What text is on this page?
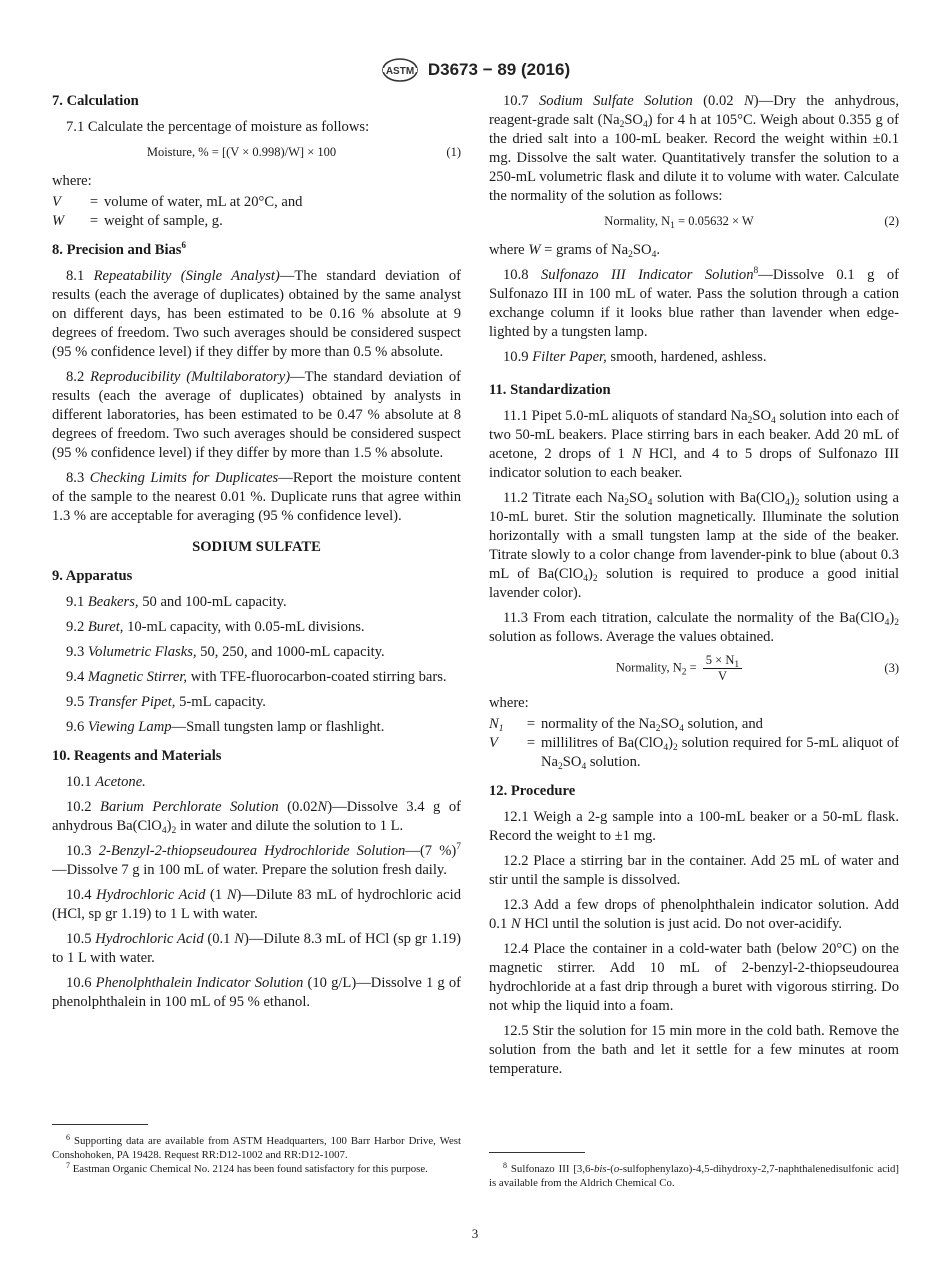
ASTM D3673 − 89 (2016)
7. Calculation

7.1 Calculate the percentage of moisture as follows:

Moisture, % = [(V × 0.998)/W] × 100	(1)

where:

V	= volume of water, mL at 20°C, and
W	= weight of sample, g.
8. Precision and Bias$^6$

8.1 Repeatability (Single Analyst)—The standard deviation of results (each the average of duplicates) obtained by the same analyst on different days, has been estimated to be 0.16 % absolute at 9 degrees of freedom. Two such averages should be considered suspect (95 % confidence level) if they differ by more than 0.5 % absolute.

8.2 Reproducibility (Multilaboratory)—The standard deviation of results (each the average of duplicates) obtained by analysts in different laboratories, has been estimated to be 0.47 % absolute at 8 degrees of freedom. Two such averages should be considered suspect (95 % confidence level) if they differ by more than 1.5 % absolute.

8.3 Checking Limits for Duplicates—Report the moisture content of the sample to the nearest 0.01 %. Duplicate runs that agree within 1.3 % are acceptable for averaging (95 % confidence level).

SODIUM SULFATE

9. Apparatus

9.1 Beakers, 50 and 100-mL capacity.

9.2 Buret, 10-mL capacity, with 0.05-mL divisions.

9.3 Volumetric Flasks, 50, 250, and 1000-mL capacity.

9.4 Magnetic Stirrer, with TFE-fluorocarbon-coated stirring bars.

9.5 Transfer Pipet, 5-mL capacity.

9.6 Viewing Lamp—Small tungsten lamp or flashlight.

10. Reagents and Materials

10.1 Acetone.

10.2 Barium Perchlorate Solution (0.02N)—Dissolve 3.4 g of anhydrous $Ba(ClO_4)_2$ in water and dilute the solution to 1 L.

10.3 2-Benzyl-2-thiopseudourea Hydrochloride Solution—(7 %)$^7$—Dissolve 7 g in 100 mL of water. Prepare the solution fresh daily.

10.4 Hydrochloric Acid (1 N)—Dilute 83 mL of hydrochloric acid (HCl, sp gr 1.19) to 1 L with water.

10.5 Hydrochloric Acid (0.1 N)—Dilute 8.3 mL of HCl (sp gr 1.19) to 1 L with water.

10.6 Phenolphthalein Indicator Solution (10 g/L)—Dissolve 1 g of phenolphthalein in 100 mL of 95 % ethanol.

$^6$ Supporting data are available from ASTM Headquarters, 100 Barr Harbor Drive, West Conshohoken, PA 19428. Request RR:D12-1002 and RR:D12-1007.

$^7$ Eastman Organic Chemical No. 2124 has been found satisfactory for this purpose.

10.7 Sodium Sulfate Solution (0.02 N)—Dry the anhydrous, reagent-grade salt $(Na_2SO_4)$ for 4 h at 105°C. Weigh about 0.355 g of the dried salt into a 100-mL beaker. Record the weight within ±0.1 mg. Dissolve the salt water. Quantitatively transfer the solution to a 250-mL volumetric flask and dilute it to volume with water. Calculate the normality of the solution as follows:

Normality, $N_1 = 0.05632 \times W$	(2)

where W = grams of $Na_2SO_4$.

10.8 Sulfonazo III Indicator Solution$^8$—Dissolve 0.1 g of Sulfonazo III in 100 mL of water. Pass the solution through a cation exchange column if it looks blue rather than lavender when edge-lighted by a tungsten lamp.

10.9 Filter Paper, smooth, hardened, ashless.

11. Standardization

11.1 Pipet 5.0-mL aliquots of standard $Na_2SO_4$ solution into each of two 50-mL beakers. Place stirring bars in each beaker. Add 20 mL of acetone, 2 drops of 1 N HCl, and 4 to 5 drops of Sulfonazo III indicator solution to each beaker.

11.2 Titrate each $Na_2SO_4$ solution with $Ba(ClO_4)_2$ solution using a 10-mL buret. Stir the solution magnetically. Illuminate the solution horizontally with a small tungsten lamp at the side of the beaker. Titrate slowly to a color change from lavender-pink to blue (about 0.3 mL of $Ba(ClO_4)_2$ solution is required to produce a good initial lavender color).

11.3 From each titration, calculate the normality of the $Ba(ClO_4)_2$ solution as follows. Average the values obtained.

Normality, $N_2 = \frac{5 \times N_1}{V}$	(3)

where:

$N_1$	= normality of the $Na_2SO_4$ solution, and
V	= millilitres of $Ba(ClO_4)_2$ solution required for 5-mL aliquot of $Na_2SO_4$ solution.
12. Procedure

12.1 Weigh a 2-g sample into a 100-mL beaker or a 50-mL flask. Record the weight to ±1 mg.

12.2 Place a stirring bar in the container. Add 25 mL of water and stir until the sample is dissolved.

12.3 Add a few drops of phenolphthalein indicator solution. Add 0.1 N HCl until the solution is just acid. Do not over-acidify.

12.4 Place the container in a cold-water bath (below 20°C) on the magnetic stirrer. Add 10 mL of 2-benzyl-2-thiopseudourea hydrochloride at a fast drip through a buret with vigorous stirring. Do not whip the liquid into a foam.

12.5 Stir the solution for 15 min more in the cold bath. Remove the solution from the bath and let it settle for a few minutes at room temperature.

$^8$ Sulfonazo III [3,6-bis-(o-sulfophenylazo)-4,5-dihydroxy-2,7-naphthalenedisulfonic acid] is available from the Aldrich Chemical Co.

3
